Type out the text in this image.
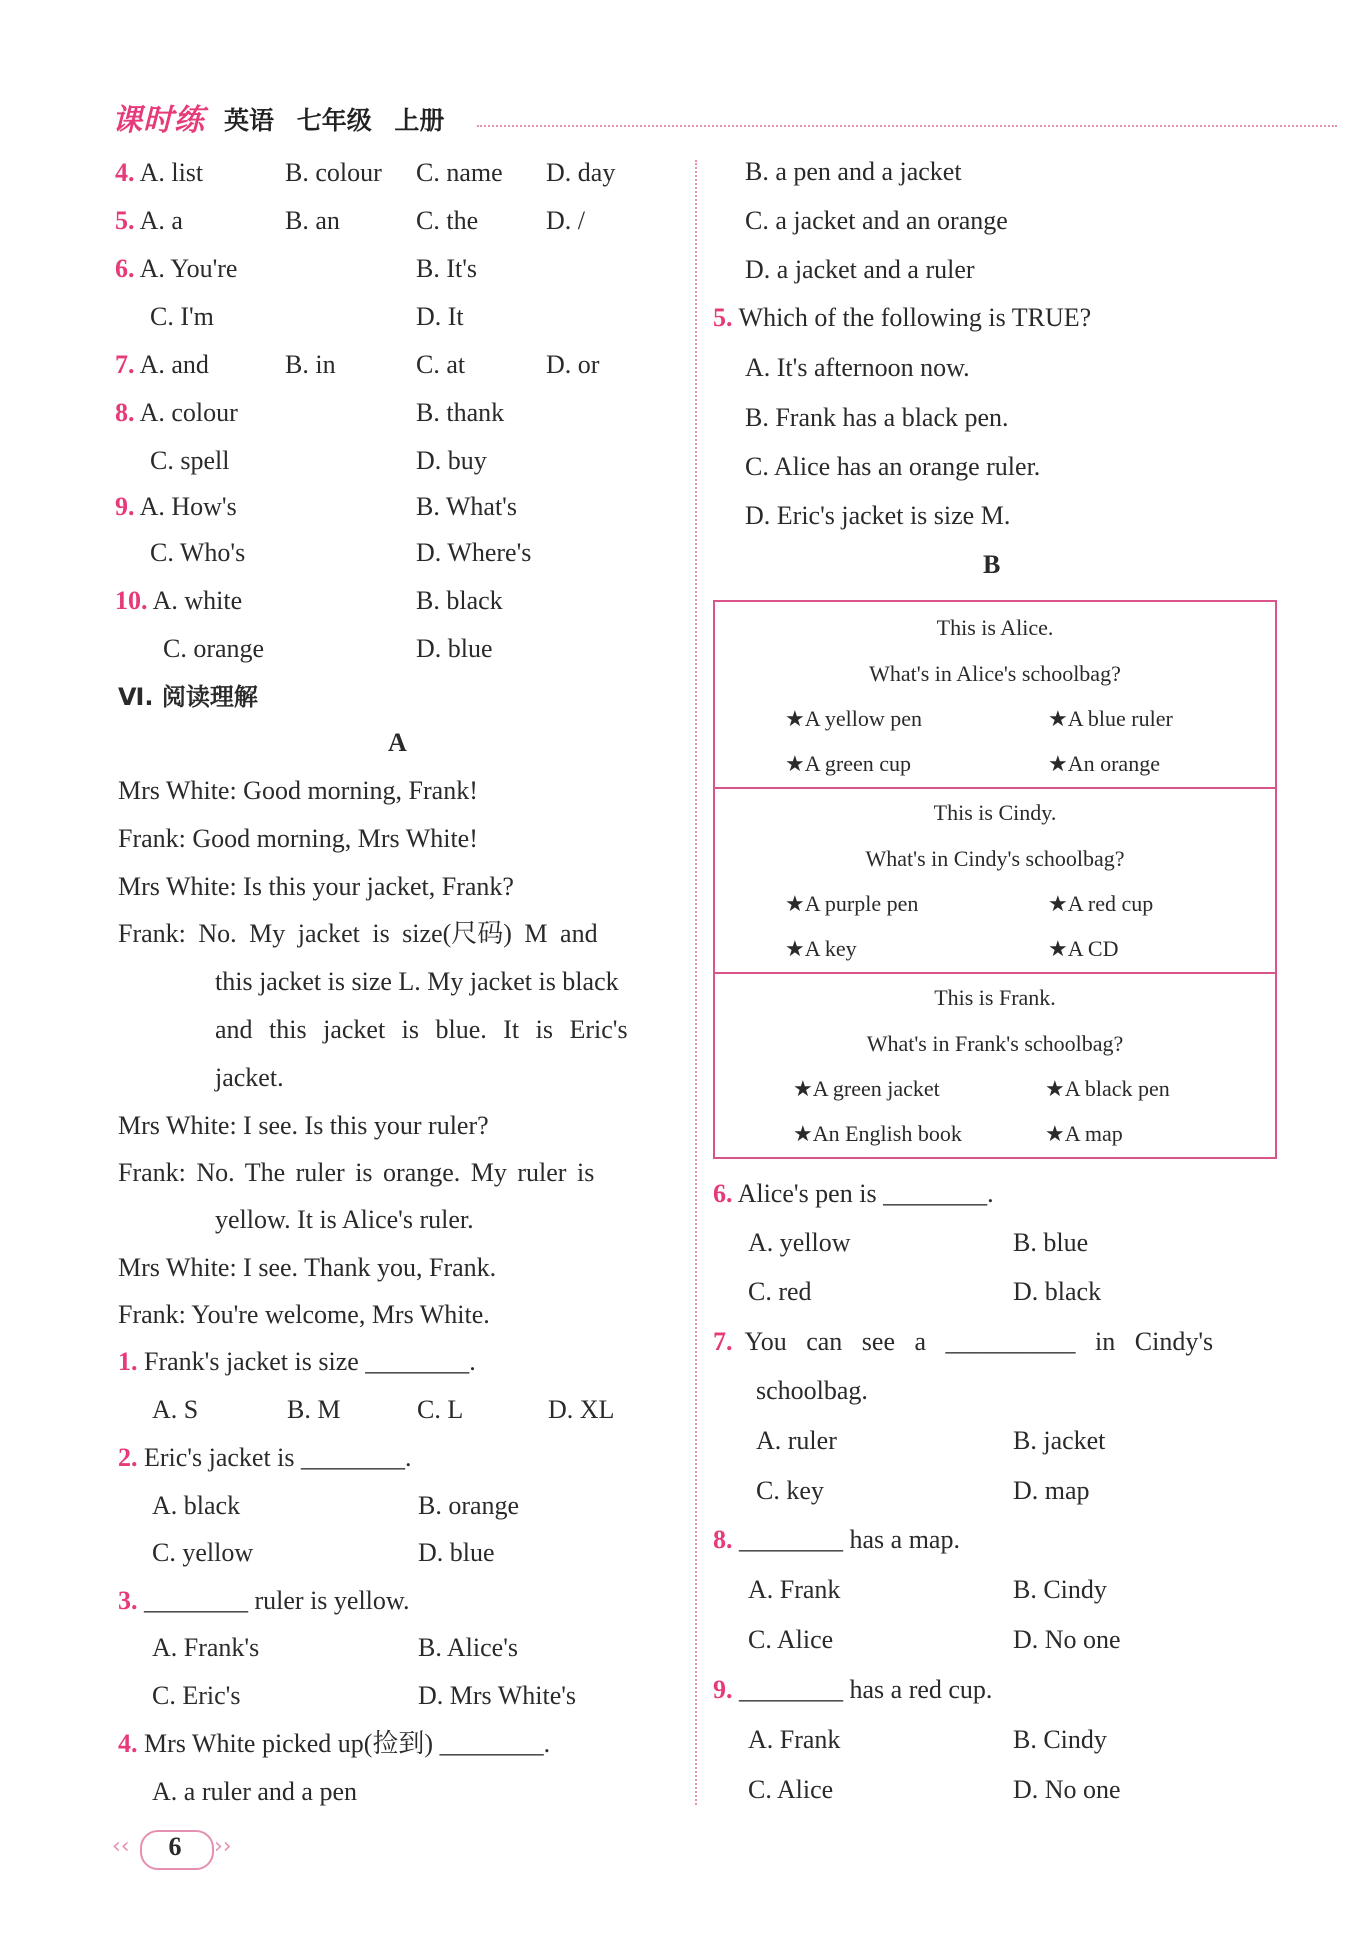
课时练 英语 七年级 上册
4. A. list	B. colour C. name D. day
5. A. a	B. an	C. the	D. /
6. A. You're	B. It's
C. I'm	D. It
7. A. and	B. in	C. at	D. or
8. A. colour	B. thank
C. spell	D. buy
9. A. How's	B. What's
C. Who's	D. Where's
10. A. white	B. black
C. orange	D. blue
Ⅵ. 阅读理解
A
Mrs White: Good morning, Frank!
Frank: Good morning, Mrs White!
Mrs White: Is this your jacket, Frank?
Frank: No. My jacket is size(尺码) M and
this jacket is size L. My jacket is black
and this jacket is blue. It is Eric's
jacket.
Mrs White: I see. Is this your ruler?
Frank: No. The ruler is orange. My ruler is
yellow. It is Alice's ruler.
Mrs White: I see. Thank you, Frank.
Frank: You're welcome, Mrs White.
1. Frank's jacket is size ________.
A. S	B. M	C. L	D. XL
2. Eric's jacket is ________.
A. black	B. orange
C. yellow	D. blue
3. ________ ruler is yellow.
A. Frank's	B. Alice's
C. Eric's	D. Mrs White's
4. Mrs White picked up(捡到) ________.
A. a ruler and a pen
B. a pen and a jacket
C. a jacket and an orange
D. a jacket and a ruler
5. Which of the following is TRUE?
A. It's afternoon now.
B. Frank has a black pen.
C. Alice has an orange ruler.
D. Eric's jacket is size M.
B
This is Alice.
What's in Alice's schoolbag?
★A yellow pen	★A blue ruler
★A green cup	★An orange
This is Cindy.
What's in Cindy's schoolbag?
★A purple pen	★A red cup
★A key	★A CD
This is Frank.
What's in Frank's schoolbag?
★A green jacket	★A black pen
★An English book	★A map
6. Alice's pen is ________.
A. yellow	B. blue
C. red	D. black
7. You   can   see   a   __________   in   Cindy's
schoolbag.
A. ruler	B. jacket
C. key	D. map
8. ________ has a map.
A. Frank	B. Cindy
C. Alice	D. No one
9. ________ has a red cup.
A. Frank	B. Cindy
C. Alice	D. No one
‹‹	6	››
